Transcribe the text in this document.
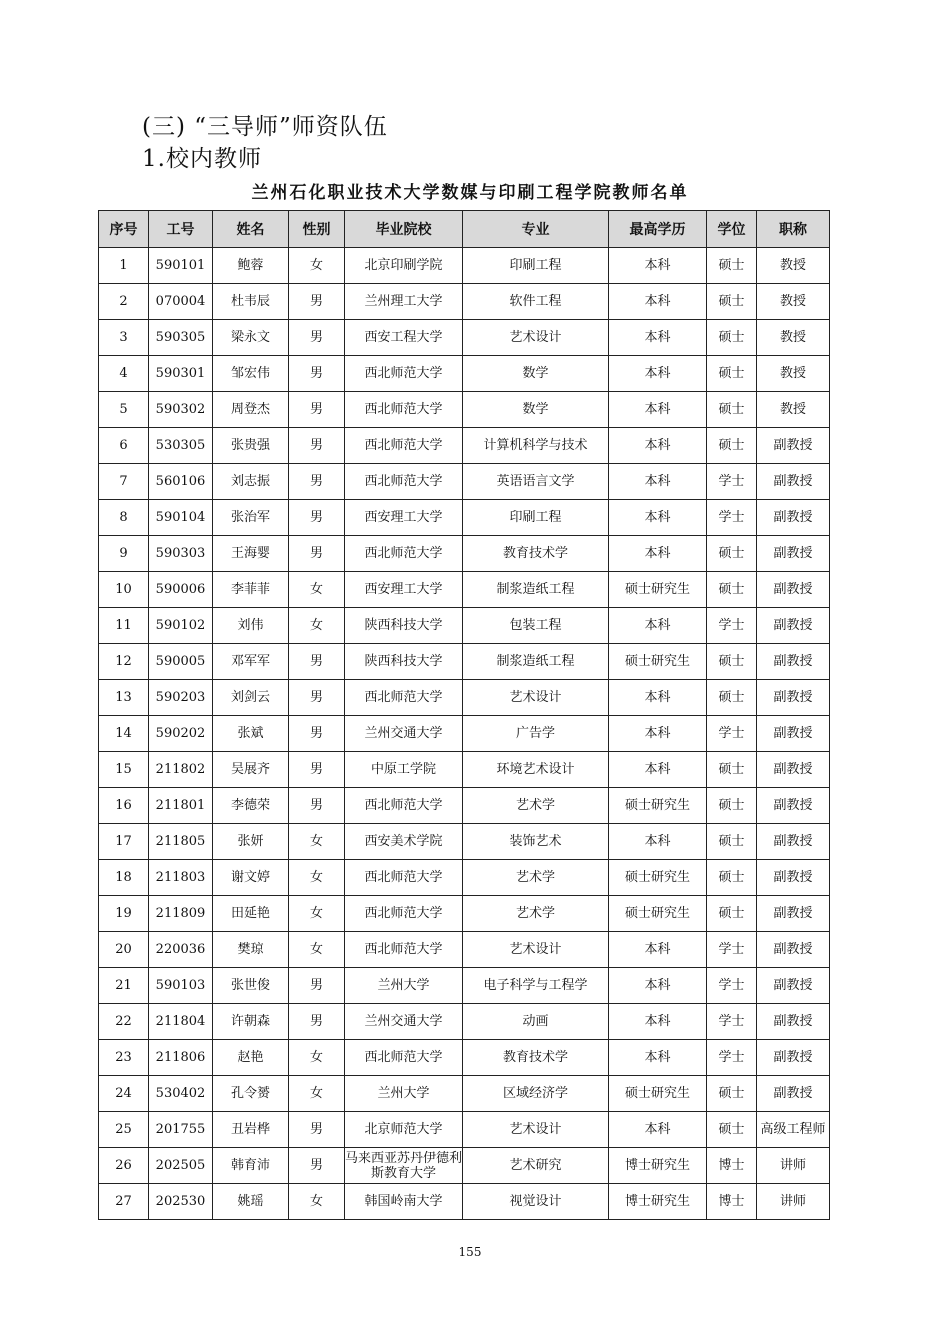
(三) “三导师”师资队伍
1.校内教师
兰州石化职业技术大学数媒与印刷工程学院教师名单
序号	工号	姓名	性别	毕业院校	专业	最高学历	学位	职称
1	590101	鲍蓉	女	北京印刷学院	印刷工程	本科	硕士	教授
2	070004	杜韦辰	男	兰州理工大学	软件工程	本科	硕士	教授
3	590305	梁永文	男	西安工程大学	艺术设计	本科	硕士	教授
4	590301	邹宏伟	男	西北师范大学	数学	本科	硕士	教授
5	590302	周登杰	男	西北师范大学	数学	本科	硕士	教授
6	530305	张贵强	男	西北师范大学	计算机科学与技术	本科	硕士	副教授
7	560106	刘志振	男	西北师范大学	英语语言文学	本科	学士	副教授
8	590104	张治军	男	西安理工大学	印刷工程	本科	学士	副教授
9	590303	王海婴	男	西北师范大学	教育技术学	本科	硕士	副教授
10	590006	李菲菲	女	西安理工大学	制浆造纸工程	硕士研究生	硕士	副教授
11	590102	刘伟	女	陕西科技大学	包装工程	本科	学士	副教授
12	590005	邓军军	男	陕西科技大学	制浆造纸工程	硕士研究生	硕士	副教授
13	590203	刘剑云	男	西北师范大学	艺术设计	本科	硕士	副教授
14	590202	张斌	男	兰州交通大学	广告学	本科	学士	副教授
15	211802	吴展齐	男	中原工学院	环境艺术设计	本科	硕士	副教授
16	211801	李德荣	男	西北师范大学	艺术学	硕士研究生	硕士	副教授
17	211805	张妍	女	西安美术学院	装饰艺术	本科	硕士	副教授
18	211803	谢文婷	女	西北师范大学	艺术学	硕士研究生	硕士	副教授
19	211809	田延艳	女	西北师范大学	艺术学	硕士研究生	硕士	副教授
20	220036	樊琼	女	西北师范大学	艺术设计	本科	学士	副教授
21	590103	张世俊	男	兰州大学	电子科学与工程学	本科	学士	副教授
22	211804	许朝森	男	兰州交通大学	动画	本科	学士	副教授
23	211806	赵艳	女	西北师范大学	教育技术学	本科	学士	副教授
24	530402	孔令赟	女	兰州大学	区域经济学	硕士研究生	硕士	副教授
25	201755	丑岩桦	男	北京师范大学	艺术设计	本科	硕士	高级工程师
26	202505	韩育沛	男	马来西亚苏丹伊德利斯教育大学	艺术研究	博士研究生	博士	讲师
27	202530	姚瑶	女	韩国岭南大学	视觉设计	博士研究生	博士	讲师
155
